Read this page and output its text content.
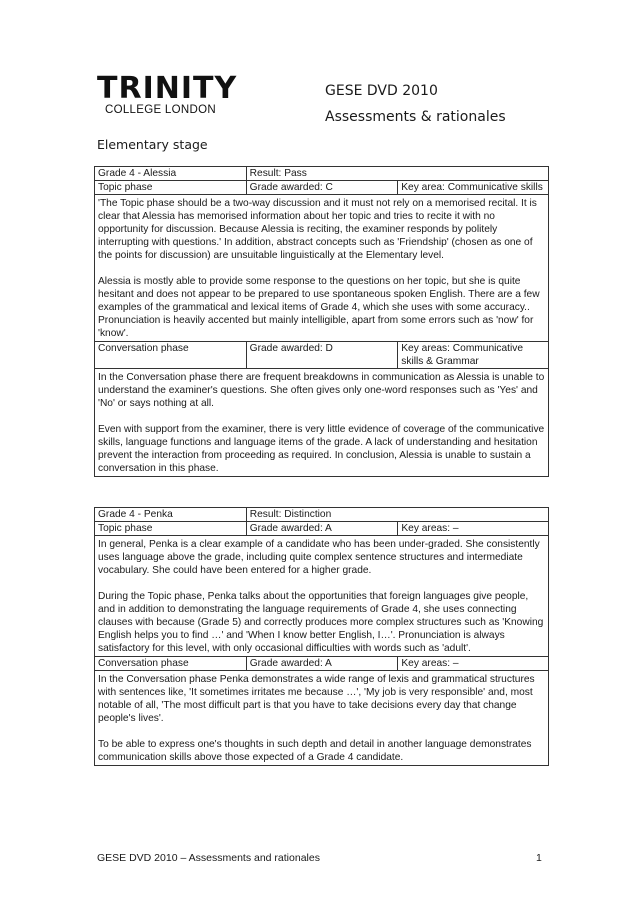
TRINITY
COLLEGE LONDON
GESE DVD 2010
Assessments & rationales
Elementary stage
Grade 4 - Alessia	Result: Pass	
Topic phase	Grade awarded: C	Key area: Communicative skills

'The Topic phase should be a two-way discussion and it must not rely on a memorised recital. It is clear that Alessia has memorised information about her topic and tries to recite it with no opportunity for discussion. Because Alessia is reciting, the examiner responds by politely interrupting with questions.' In addition, abstract concepts such as 'Friendship' (chosen as one of the points for discussion) are unsuitable linguistically at the Elementary level.

Alessia is mostly able to provide some response to the questions on her topic, but she is quite hesitant and does not appear to be prepared to use spontaneous spoken English. There are a few examples of the grammatical and lexical items of Grade 4, which she uses with some accuracy.. Pronunciation is heavily accented but mainly intelligible, apart from some errors such as 'now' for 'know'.		

Conversation phase	Grade awarded: D	Key areas: Communicative skills & Grammar

In the Conversation phase there are frequent breakdowns in communication as Alessia is unable to understand the examiner's questions. She often gives only one-word responses such as 'Yes' and 'No' or says nothing at all.

Even with support from the examiner, there is very little evidence of coverage of the communicative skills, language functions and language items of the grade. A lack of understanding and hesitation prevent the interaction from proceeding as required. In conclusion, Alessia is unable to sustain a conversation in this phase.		

Grade 4 - Penka	Result: Distinction	
Topic phase	Grade awarded: A	Key areas: –

In general, Penka is a clear example of a candidate who has been under-graded. She consistently uses language above the grade, including quite complex sentence structures and intermediate vocabulary. She could have been entered for a higher grade.

During the Topic phase, Penka talks about the opportunities that foreign languages give people, and in addition to demonstrating the language requirements of Grade 4, she uses connecting clauses with because (Grade 5) and correctly produces more complex structures such as 'Knowing English helps you to find …' and 'When I know better English, I…'. Pronunciation is always satisfactory for this level, with only occasional difficulties with words such as 'adult'.		

Conversation phase	Grade awarded: A	Key areas: –

In the Conversation phase Penka demonstrates a wide range of lexis and grammatical structures with sentences like, 'It sometimes irritates me because …', 'My job is very responsible' and, most notable of all, 'The most difficult part is that you have to take decisions every day that change people's lives'.

To be able to express one's thoughts in such depth and detail in another language demonstrates communication skills above those expected of a Grade 4 candidate.		

GESE DVD 2010 – Assessments and rationales	1
